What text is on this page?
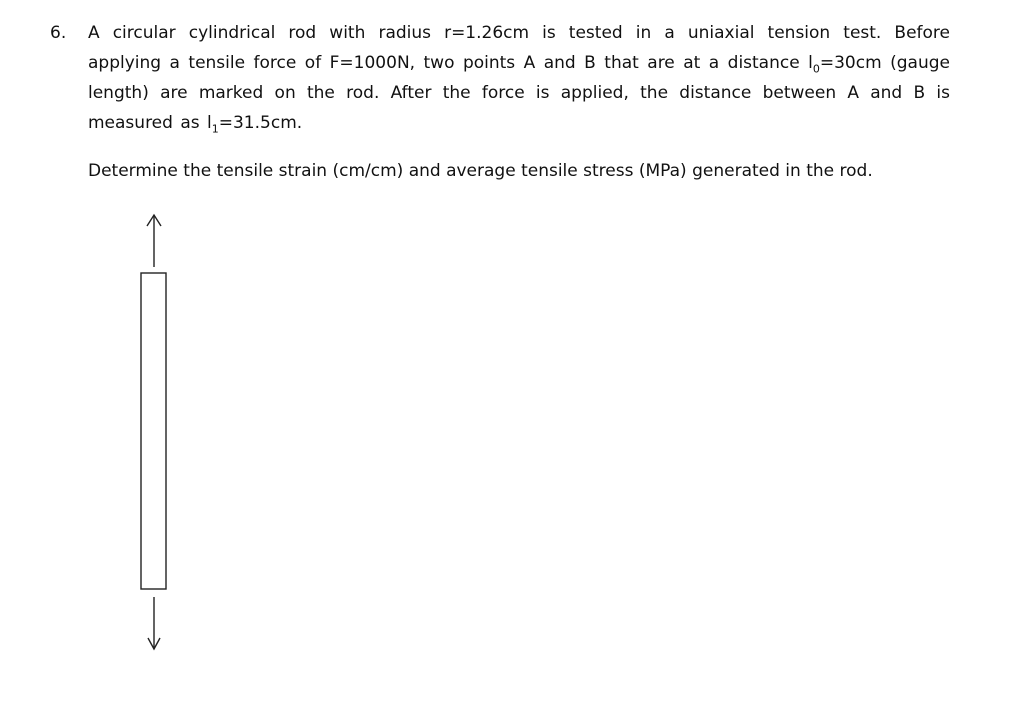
6. A circular cylindrical rod with radius r=1.26cm is tested in a uniaxial tension test. Before applying a tensile force of F=1000N, two points A and B that are at a distance $l_0=30cm$ (gauge length) are marked on the rod. After the force is applied, the distance between A and B is measured as $l_1=31.5cm$.
Determine the tensile strain (cm/cm) and average tensile stress (MPa) generated in the rod.
